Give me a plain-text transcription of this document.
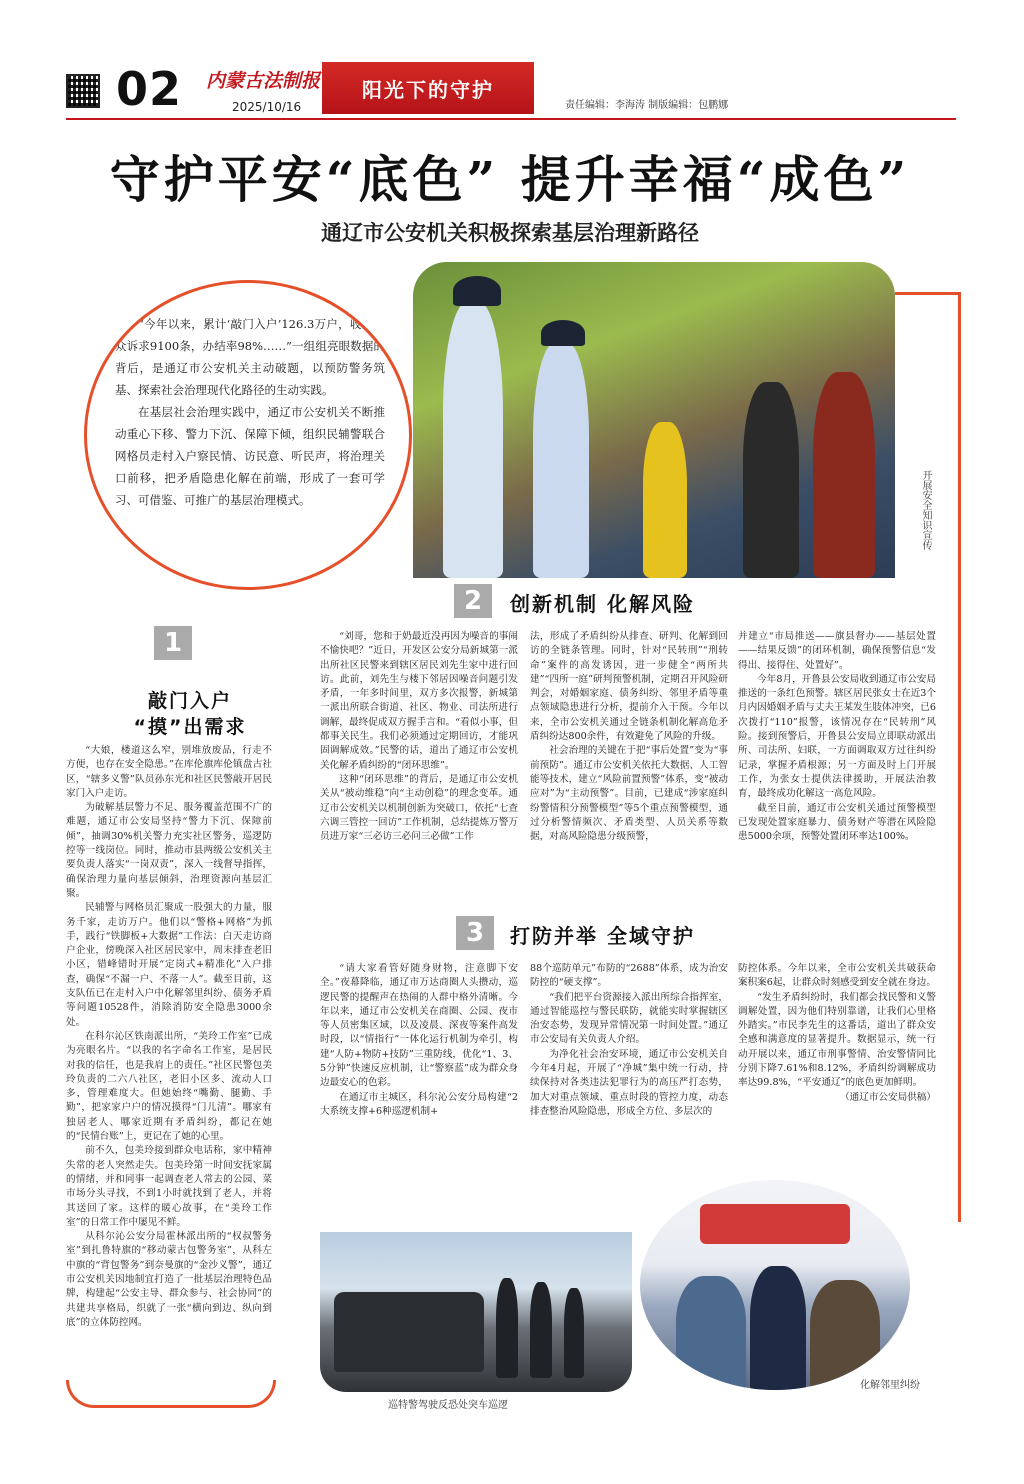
02 内蒙古法制报
2025/10/16
阳光下的守护
责任编辑：李海涛 制版编辑：包鹏娜
守护平安“底色” 提升幸福“成色”
通辽市公安机关积极探索基层治理新路径
开展安全知识宣传

“今年以来，累计‘敲门入户’126.3万户，收集群众诉求9100条，办结率98%……”一组组亮眼数据的背后，是通辽市公安机关主动破题，以预防警务筑基、探索社会治理现代化路径的生动实践。

在基层社会治理实践中，通辽市公安机关不断推动重心下移、警力下沉、保障下倾，组织民辅警联合网格员走村入户察民情、访民意、听民声，将治理关口前移，把矛盾隐患化解在前端，形成了一套可学习、可借鉴、可推广的基层治理模式。

1
敲门入户
“摸”出需求

“大娘，楼道这么窄，别堆放废品，行走不方便，也存在安全隐患。”在库伦旗库伦镇盘古社区，“辖多义警”队员孙东光和社区民警敲开居民家门入户走访。

为破解基层警力不足、服务覆盖范围不广的难题，通辽市公安局坚持“警力下沉、保障前倾”，抽调30%机关警力充实社区警务，巡逻防控等一线岗位。同时，推动市县两级公安机关主要负责人落实“一岗双责”，深入一线督导指挥，确保治理力量向基层倾斜，治理资源向基层汇聚。

民辅警与网格员汇聚成一股强大的力量，服务千家，走访万户。他们以“警格+网格”为抓手，践行“铁脚板+大数据”工作法：白天走访商户企业，傍晚深入社区居民家中，周末排查老旧小区，错峰错时开展“定岗式+精准化”入户排查，确保“不漏一户、不落一人”。截至目前，这支队伍已在走村入户中化解邻里纠纷、债务矛盾等问题10528件，消除消防安全隐患3000余处。

在科尔沁区铁南派出所，“美玲工作室”已成为亮眼名片。“以我的名字命名工作室，是居民对我的信任，也是我肩上的责任。”社区民警包美玲负责的二六八社区，老旧小区多、流动人口多，管理难度大。但她始终“嘴勤、腿勤、手勤”，把家家户户的情况摸得“门儿清”。哪家有独居老人、哪家近期有矛盾纠纷，都记在她的“民情台账”上，更记在了她的心里。

前不久，包美玲接到群众电话称，家中精神失常的老人突然走失。包美玲第一时间安抚家属的情绪，并和同事一起调查老人常去的公园、菜市场分头寻找，不到1小时就找到了老人，并将其送回了家。这样的暖心故事，在“美玲工作室”的日常工作中屡见不鲜。

从科尔沁公安分局霍林派出所的“权叔警务室”到扎鲁特旗的“移动蒙古包警务室”，从科左中旗的“背包警务”到奈曼旗的“金沙义警”，通辽市公安机关因地制宜打造了一批基层治理特色品牌，构建起“公安主导、群众参与、社会协同”的共建共享格局，织就了一张“横向到边、纵向到底”的立体防控网。

2	创新机制 化解风险

“刘哥，您和于奶最近没再因为噪音的事闹不愉快吧？”近日，开发区公安分局新城第一派出所社区民警来到辖区居民刘先生家中进行回访。此前，刘先生与楼下邻居因噪音问题引发矛盾，一年多时间里，双方多次报警，新城第一派出所联合街道、社区、物业、司法所进行调解，最终促成双方握手言和。“看似小事，但都事关民生。我们必须通过定期回访，才能巩固调解成效。”民警的话，道出了通辽市公安机关化解矛盾纠纷的“闭环思维”。

这种“闭环思维”的背后，是通辽市公安机关从“被动维稳”向“主动创稳”的理念变革。通辽市公安机关以机制创新为突破口，依托“七查六调三管控一回访”工作机制，总结提炼万警万员进万家“三必访三必问三必做”工作

法，形成了矛盾纠纷从排查、研判、化解到回访的全链条管理。同时，针对“民转刑”“刑转命”案件的高发诱因，进一步健全“两所共建”“四所一庭”研判预警机制，定期召开风险研判会，对婚姻家庭、债务纠纷、邻里矛盾等重点领域隐患进行分析，提前介入干预。今年以来，全市公安机关通过全链条机制化解高危矛盾纠纷达800余件，有效避免了风险的升级。

社会治理的关键在于把“事后处置”变为“事前预防”。通辽市公安机关依托大数据、人工智能等技术，建立“风险前置预警”体系，变“被动应对”为“主动预警”。目前，已建成“涉家庭纠纷警情积分预警模型”等5个重点预警模型，通过分析警情频次、矛盾类型、人员关系等数据，对高风险隐患分级预警，

并建立“市局推送——旗县督办——基层处置——结果反馈”的闭环机制，确保预警信息“发得出、接得住、处置好”。

今年8月，开鲁县公安局收到通辽市公安局推送的一条红色预警。辖区居民张女士在近3个月内因婚姻矛盾与丈夫王某发生肢体冲突，已6次拨打“110”报警，该情况存在“民转刑”风险。接到预警后，开鲁县公安局立即联动派出所、司法所、妇联，一方面调取双方过往纠纷记录，掌握矛盾根源；另一方面及时上门开展工作，为张女士提供法律援助，开展法治教育，最终成功化解这一高危风险。

截至目前，通辽市公安机关通过预警模型已发现处置家庭暴力、债务财产等潜在风险隐患5000余项，预警处置闭环率达100%。

3	打防并举 全域守护

“请大家看管好随身财物，注意脚下安全。”夜幕降临，通辽市万达商圈人头攒动，巡逻民警的提醒声在热闹的人群中格外清晰。今年以来，通辽市公安机关在商圈、公园、夜市等人员密集区域，以及凌晨、深夜等案件高发时段，以“情指行”一体化运行机制为牵引，构建“人防+物防+技防”三重防线，优化“1、3、5分钟”快速反应机制，让“警察蓝”成为群众身边最安心的色彩。

在通辽市主城区，科尔沁公安分局构建“2大系统支撑+6种巡逻机制+

88个巡防单元”布防的“2688”体系，成为治安防控的“硬支撑”。

“我们把平台资源接入派出所综合指挥室，通过智能巡控与警民联防，就能实时掌握辖区治安态势，发现异常情况第一时间处置。”通辽市公安局有关负责人介绍。

为净化社会治安环境，通辽市公安机关自今年4月起，开展了“净城”集中统一行动，持续保持对各类违法犯罪行为的高压严打态势，加大对重点领域、重点时段的管控力度，动态排查整治风险隐患，形成全方位、多层次的

防控体系。今年以来，全市公安机关共破获命案积案6起，让群众时刻感受到安全就在身边。

“发生矛盾纠纷时，我们都会找民警和义警调解处置，因为他们特别靠谱，让我们心里格外踏实。”市民李先生的这番话，道出了群众安全感和满意度的显著提升。数据显示，统一行动开展以来，通辽市刑事警情、治安警情同比分别下降7.61%和8.12%，矛盾纠纷调解成功率达99.8%，“平安通辽”的底色更加鲜明。

（通辽市公安局供稿）

巡特警驾驶反恐处突车巡逻
化解邻里纠纷
